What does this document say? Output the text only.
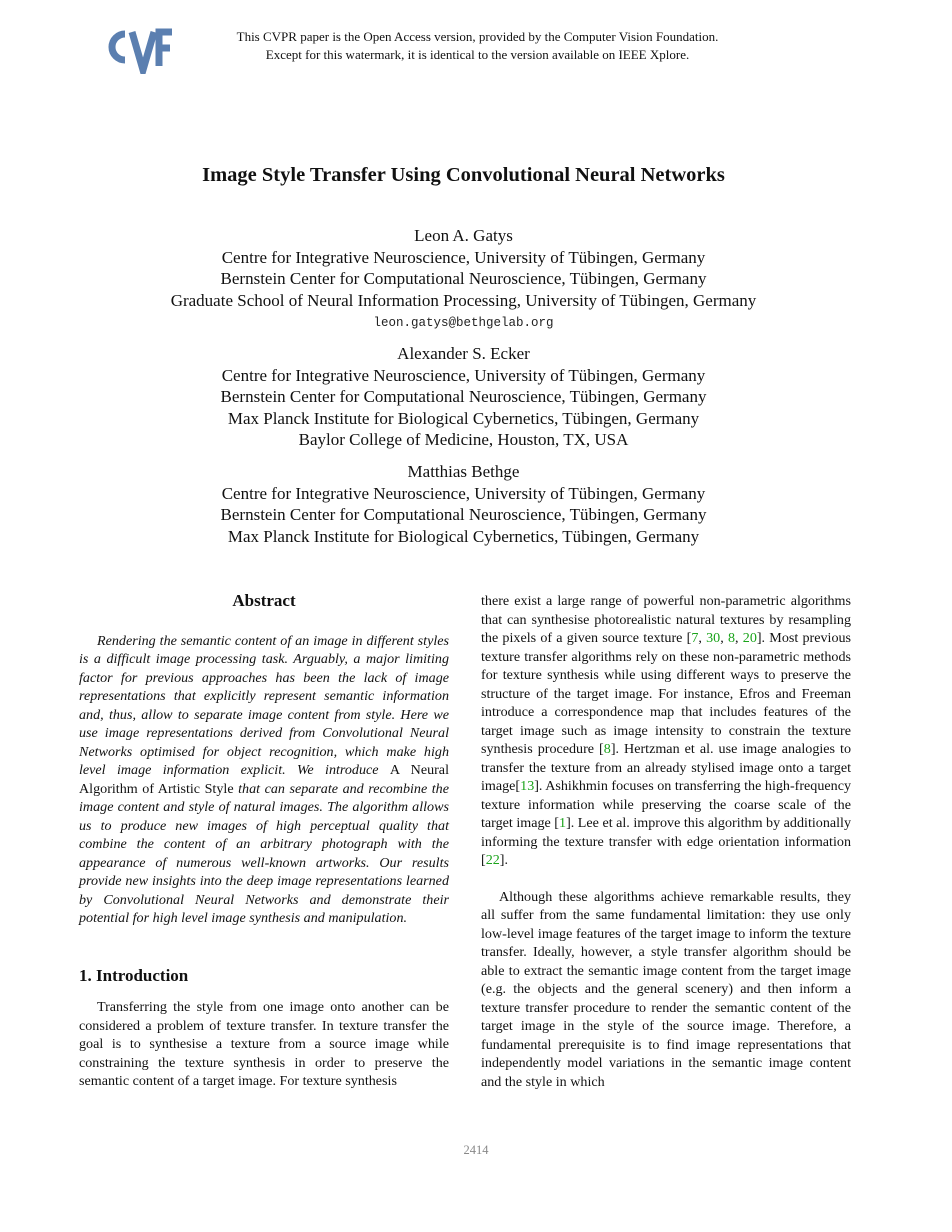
This CVPR paper is the Open Access version, provided by the Computer Vision Foundation.
Except for this watermark, it is identical to the version available on IEEE Xplore.
Image Style Transfer Using Convolutional Neural Networks
Leon A. Gatys
Centre for Integrative Neuroscience, University of Tübingen, Germany
Bernstein Center for Computational Neuroscience, Tübingen, Germany
Graduate School of Neural Information Processing, University of Tübingen, Germany
leon.gatys@bethgelab.org
Alexander S. Ecker
Centre for Integrative Neuroscience, University of Tübingen, Germany
Bernstein Center for Computational Neuroscience, Tübingen, Germany
Max Planck Institute for Biological Cybernetics, Tübingen, Germany
Baylor College of Medicine, Houston, TX, USA
Matthias Bethge
Centre for Integrative Neuroscience, University of Tübingen, Germany
Bernstein Center for Computational Neuroscience, Tübingen, Germany
Max Planck Institute for Biological Cybernetics, Tübingen, Germany
Abstract

Rendering the semantic content of an image in different styles is a difficult image processing task. Arguably, a major limiting factor for previous approaches has been the lack of image representations that explicitly represent semantic information and, thus, allow to separate image content from style. Here we use image representations derived from Convolutional Neural Networks optimised for object recognition, which make high level image information explicit. We introduce A Neural Algorithm of Artistic Style that can separate and recombine the image content and style of natural images. The algorithm allows us to produce new images of high perceptual quality that combine the content of an arbitrary photograph with the appearance of numerous well-known artworks. Our results provide new insights into the deep image representations learned by Convolutional Neural Networks and demonstrate their potential for high level image synthesis and manipulation.

1. Introduction

Transferring the style from one image onto another can be considered a problem of texture transfer. In texture transfer the goal is to synthesise a texture from a source image while constraining the texture synthesis in order to preserve the semantic content of a target image. For texture synthesis

there exist a large range of powerful non-parametric algorithms that can synthesise photorealistic natural textures by resampling the pixels of a given source texture [7, 30, 8, 20]. Most previous texture transfer algorithms rely on these non-parametric methods for texture synthesis while using different ways to preserve the structure of the target image. For instance, Efros and Freeman introduce a correspondence map that includes features of the target image such as image intensity to constrain the texture synthesis procedure [8]. Hertzman et al. use image analogies to transfer the texture from an already stylised image onto a target image[13]. Ashikhmin focuses on transferring the high-frequency texture information while preserving the coarse scale of the target image [1]. Lee et al. improve this algorithm by additionally informing the texture transfer with edge orientation information [22].

Although these algorithms achieve remarkable results, they all suffer from the same fundamental limitation: they use only low-level image features of the target image to inform the texture transfer. Ideally, however, a style transfer algorithm should be able to extract the semantic image content from the target image (e.g. the objects and the general scenery) and then inform a texture transfer procedure to render the semantic content of the target image in the style of the source image. Therefore, a fundamental prerequisite is to find image representations that independently model variations in the semantic image content and the style in which

2414
